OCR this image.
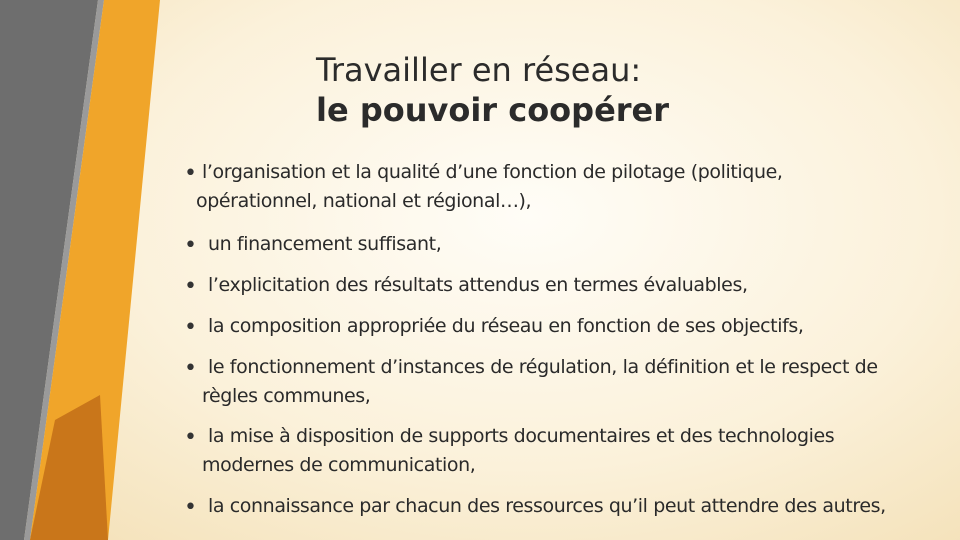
Travailler en réseau:
le pouvoir coopérer
• l’organisation et la qualité d’une fonction de pilotage (politique,
opérationnel, national et régional…),
• un financement suffisant,
• l’explicitation des résultats attendus en termes évaluables,
• la composition appropriée du réseau en fonction de ses objectifs,
• le fonctionnement d’instances de régulation, la définition et le respect de
règles communes,
• la mise à disposition de supports documentaires et des technologies
modernes de communication,
• la connaissance par chacun des ressources qu’il peut attendre des autres,
